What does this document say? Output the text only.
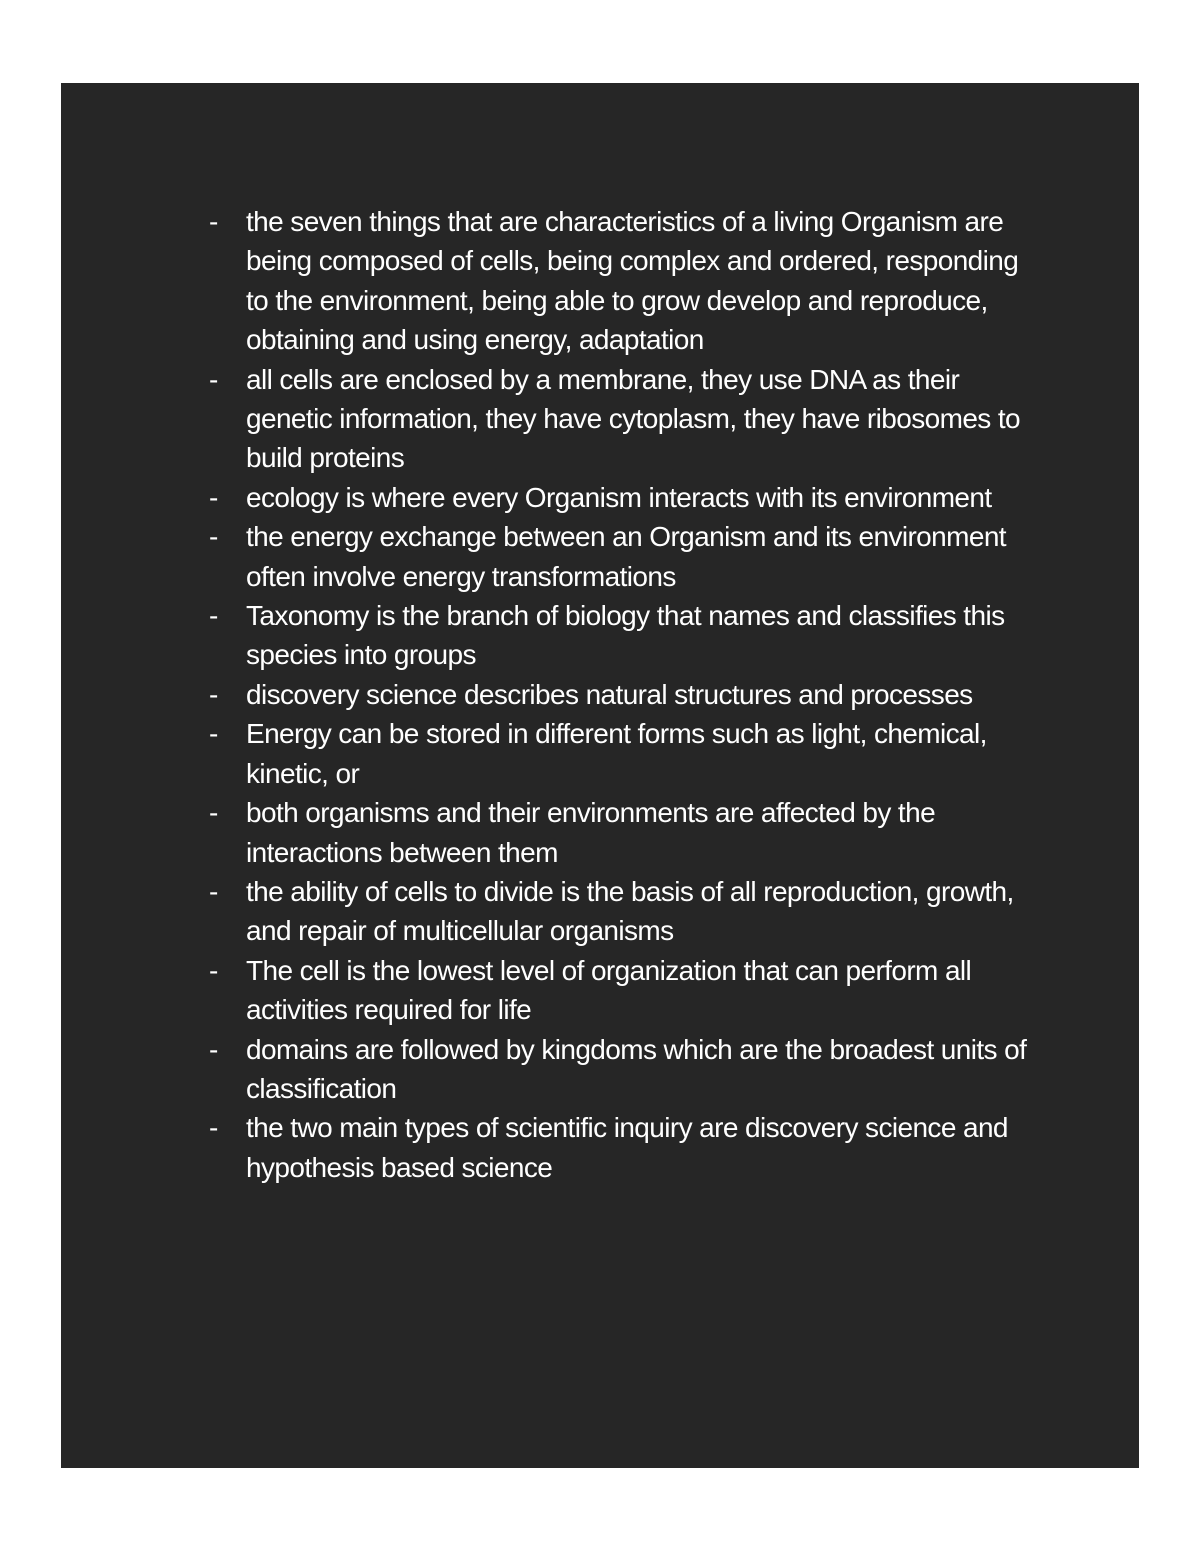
-	the seven things that are characteristics of a living Organism are being composed of cells, being complex and ordered, responding to the environment, being able to grow develop and reproduce, obtaining and using energy, adaptation
-	all cells are enclosed by a membrane, they use DNA as their genetic information, they have cytoplasm, they have ribosomes to build proteins
-	ecology is where every Organism interacts with its environment
-	the energy exchange between an Organism and its environment often involve energy transformations
-	Taxonomy is the branch of biology that names and classifies this species into groups
-	discovery science describes natural structures and processes
-	Energy can be stored in different forms such as light, chemical, kinetic, or
-	both organisms and their environments are affected by the interactions between them
-	the ability of cells to divide is the basis of all reproduction, growth, and repair of multicellular organisms
-	The cell is the lowest level of organization that can perform all activities required for life
-	domains are followed by kingdoms which are the broadest units of classification
-	the two main types of scientific inquiry are discovery science and hypothesis based science
